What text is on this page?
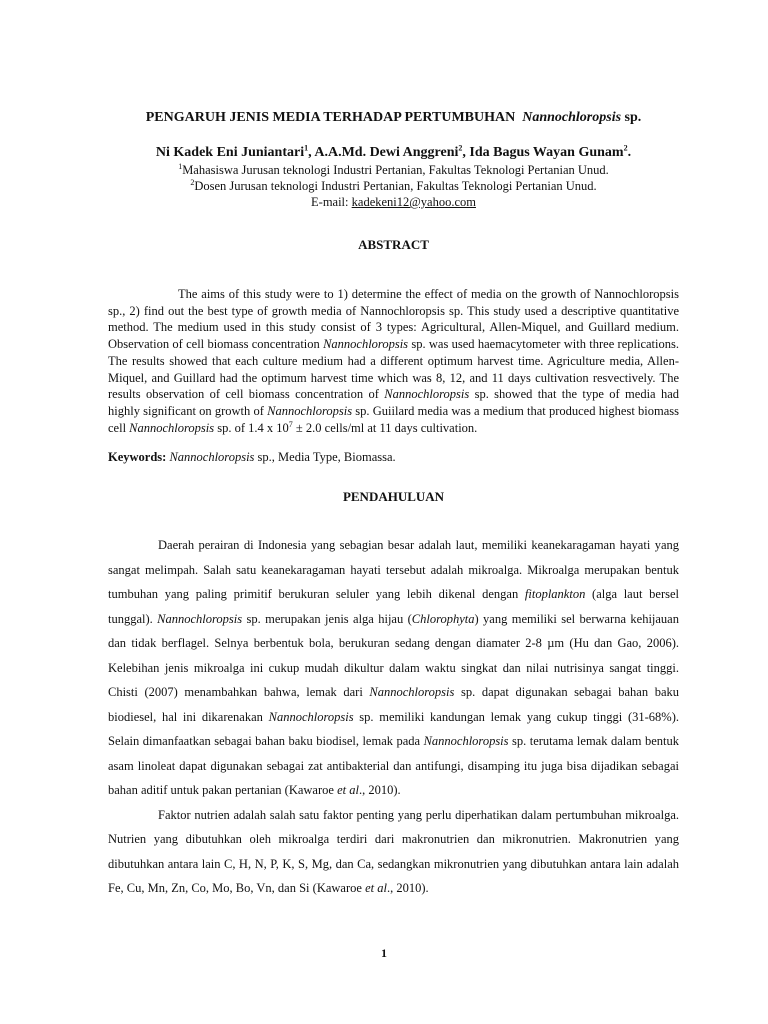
PENGARUH JENIS MEDIA TERHADAP PERTUMBUHAN Nannochloropsis sp.
Ni Kadek Eni Juniantari$^1$, A.A.Md. Dewi Anggreni$^2$, Ida Bagus Wayan Gunam$^2$.
$^1$Mahasiswa Jurusan teknologi Industri Pertanian, Fakultas Teknologi Pertanian Unud.
$^2$Dosen Jurusan teknologi Industri Pertanian, Fakultas Teknologi Pertanian Unud.
E-mail: kadekeni12@yahoo.com
ABSTRACT
The aims of this study were to 1) determine the effect of media on the growth of Nannochloropsis sp., 2) find out the best type of growth media of Nannochloropsis sp. This study used a descriptive quantitative method. The medium used in this study consist of 3 types: Agricultural, Allen-Miquel, and Guillard medium. Observation of cell biomass concentration Nannochloropsis sp. was used haemacytometer with three replications. The results showed that each culture medium had a different optimum harvest time. Agriculture media, Allen-Miquel, and Guillard had the optimum harvest time which was 8, 12, and 11 days cultivation resvectively. The results observation of cell biomass concentration of Nannochloropsis sp. showed that the type of media had highly significant on growth of Nannochloropsis sp. Guiilard media was a medium that produced highest biomass cell Nannochloropsis sp. of 1.4 x $10^7 \pm 2.0$ cells/ml at 11 days cultivation.
Keywords: Nannochloropsis sp., Media Type, Biomassa.
PENDAHULUAN

Daerah perairan di Indonesia yang sebagian besar adalah laut, memiliki keanekaragaman hayati yang sangat melimpah. Salah satu keanekaragaman hayati tersebut adalah mikroalga. Mikroalga merupakan bentuk tumbuhan yang paling primitif berukuran seluler yang lebih dikenal dengan fitoplankton (alga laut bersel tunggal). Nannochloropsis sp. merupakan jenis alga hijau (Chlorophyta) yang memiliki sel berwarna kehijauan dan tidak berflagel. Selnya berbentuk bola, berukuran sedang dengan diamater 2-8 µm (Hu dan Gao, 2006). Kelebihan jenis mikroalga ini cukup mudah dikultur dalam waktu singkat dan nilai nutrisinya sangat tinggi. Chisti (2007) menambahkan bahwa, lemak dari Nannochloropsis sp. dapat digunakan sebagai bahan baku biodiesel, hal ini dikarenakan Nannochloropsis sp. memiliki kandungan lemak yang cukup tinggi (31-68%). Selain dimanfaatkan sebagai bahan baku biodisel, lemak pada Nannochloropsis sp. terutama lemak dalam bentuk asam linoleat dapat digunakan sebagai zat antibakterial dan antifungi, disamping itu juga bisa dijadikan sebagai bahan aditif untuk pakan pertanian (Kawaroe et al., 2010).

Faktor nutrien adalah salah satu faktor penting yang perlu diperhatikan dalam pertumbuhan mikroalga. Nutrien yang dibutuhkan oleh mikroalga terdiri dari makronutrien dan mikronutrien. Makronutrien yang dibutuhkan antara lain C, H, N, P, K, S, Mg, dan Ca, sedangkan mikronutrien yang dibutuhkan antara lain adalah Fe, Cu, Mn, Zn, Co, Mo, Bo, Vn, dan Si (Kawaroe et al., 2010).

1
